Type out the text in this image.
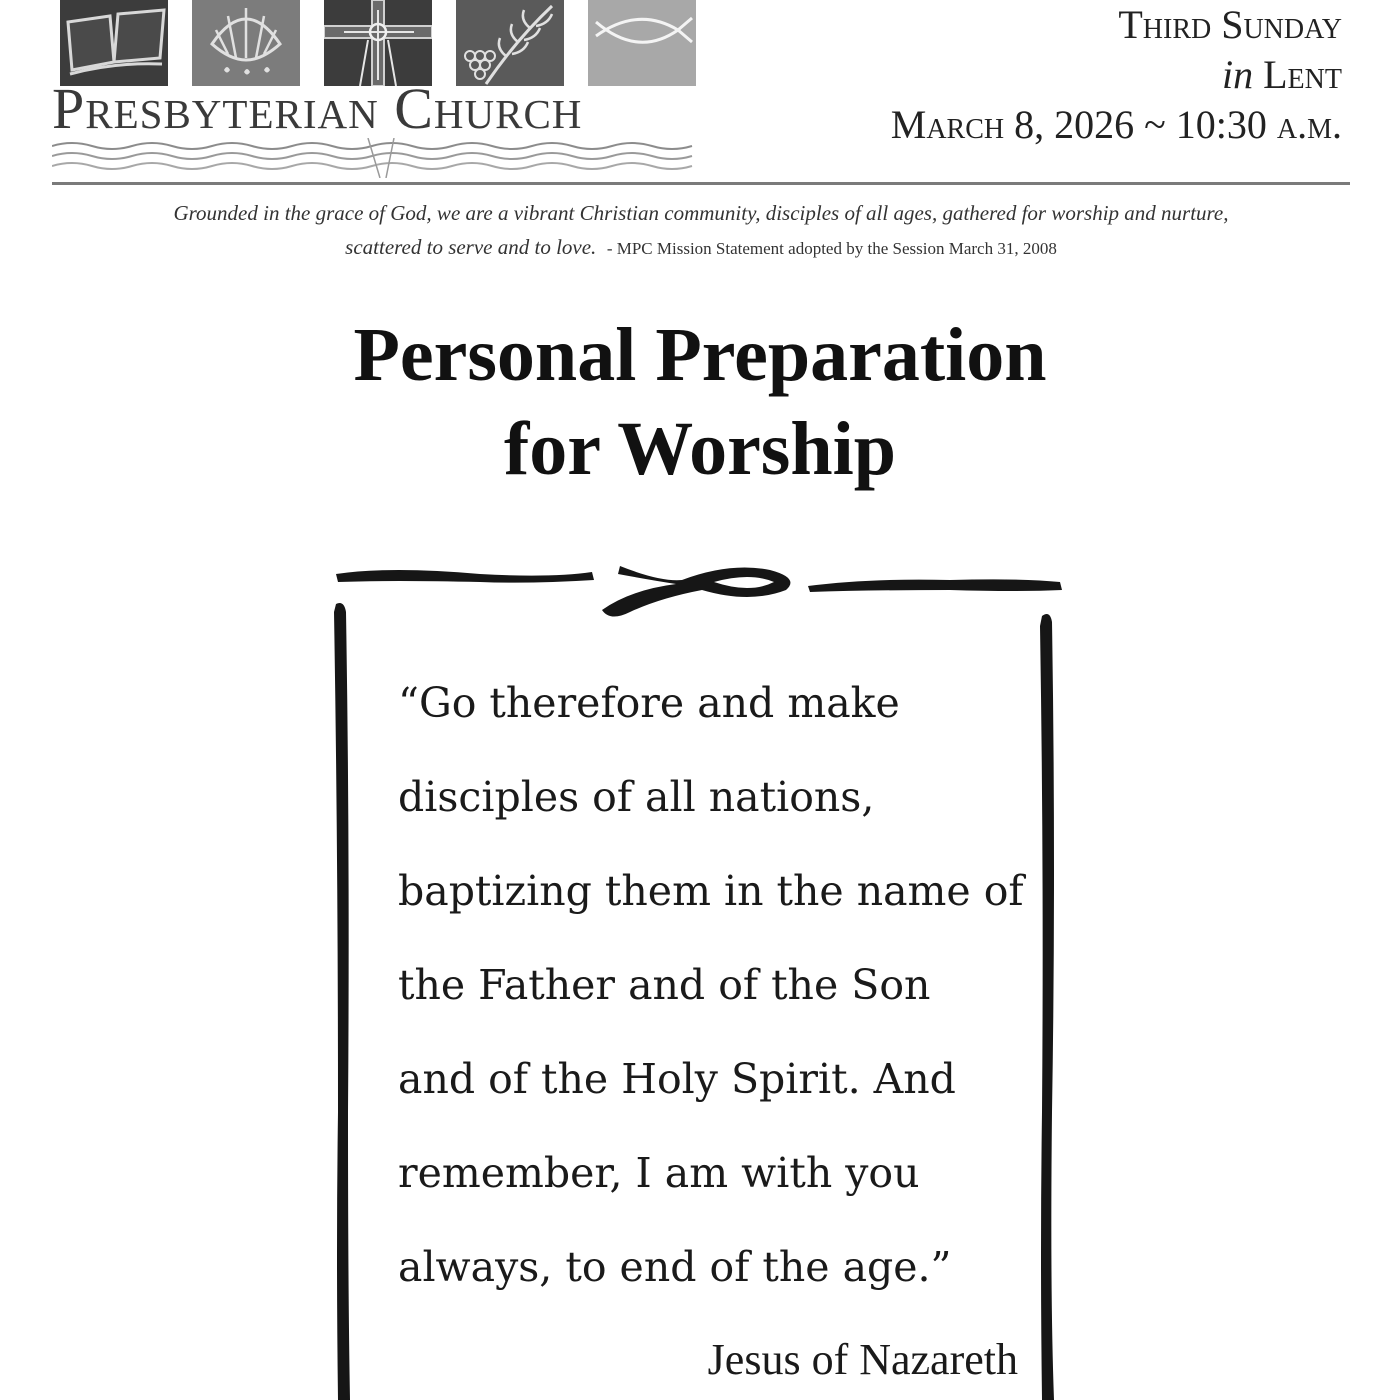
Presbyterian Church
Third Sunday
in Lent
March 8, 2026 ~ 10:30 a.m.
Grounded in the grace of God, we are a vibrant Christian community, disciples of all ages, gathered for worship and nurture,
scattered to serve and to love. - MPC Mission Statement adopted by the Session March 31, 2008
Personal Preparation
for Worship
“Go therefore and make
disciples of all nations,
baptizing them in the name of
the Father and of the Son
and of the Holy Spirit. And
remember, I am with you
always, to end of the age.”
Jesus of Nazareth
